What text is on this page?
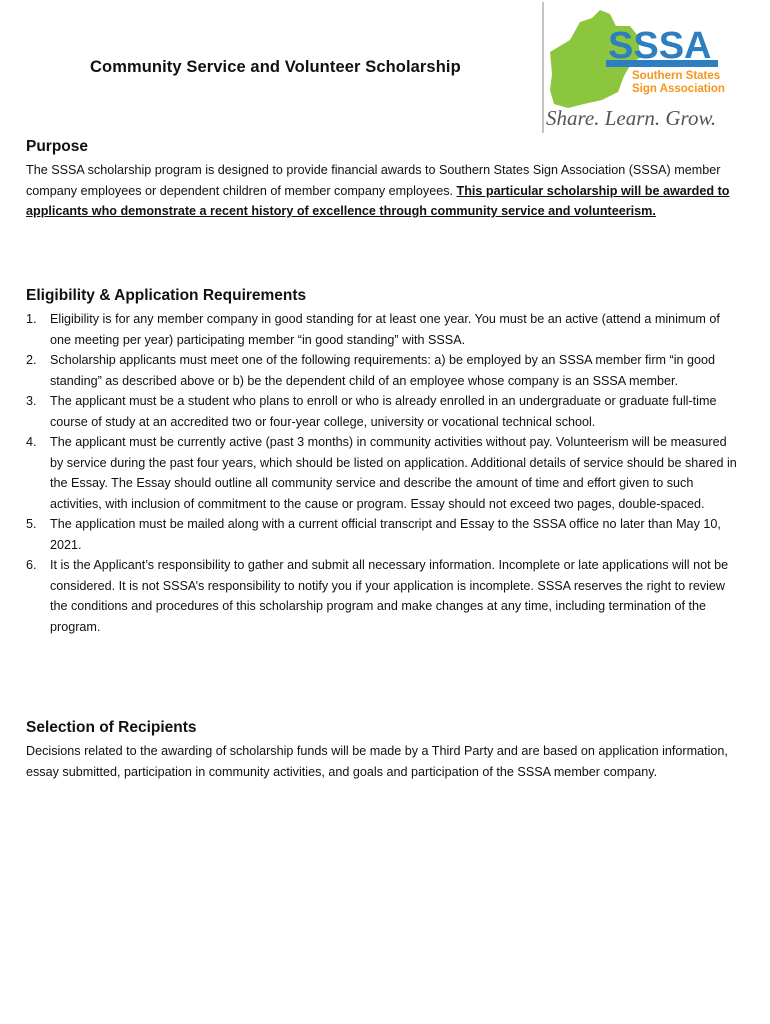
SSSA
Southern States
Sign Association
Share. Learn. Grow.
Community Service and Volunteer Scholarship
Purpose

The SSSA scholarship program is designed to provide financial awards to Southern States Sign Association (SSSA) member company employees or dependent children of member company employees. This particular scholarship will be awarded to applicants who demonstrate a recent history of excellence through community service and volunteerism.

Eligibility & Application Requirements
1. Eligibility is for any member company in good standing for at least one year. You must be an active (attend a minimum of one meeting per year) participating member “in good standing” with SSSA.
2. Scholarship applicants must meet one of the following requirements: a) be employed by an SSSA member firm “in good standing” as described above or b) be the dependent child of an employee whose company is an SSSA member.
3. The applicant must be a student who plans to enroll or who is already enrolled in an undergraduate or graduate full-time course of study at an accredited two or four-year college, university or vocational technical school.
4. The applicant must be currently active (past 3 months) in community activities without pay. Volunteerism will be measured by service during the past four years, which should be listed on application. Additional details of service should be shared in the Essay. The Essay should outline all community service and describe the amount of time and effort given to such activities, with inclusion of commitment to the cause or program. Essay should not exceed two pages, double-spaced.
5. The application must be mailed along with a current official transcript and Essay to the SSSA office no later than May 10, 2021.
6. It is the Applicant’s responsibility to gather and submit all necessary information. Incomplete or late applications will not be considered. It is not SSSA’s responsibility to notify you if your application is incomplete. SSSA reserves the right to review the conditions and procedures of this scholarship program and make changes at any time, including termination of the program.
Selection of Recipients

Decisions related to the awarding of scholarship funds will be made by a Third Party and are based on application information, essay submitted, participation in community activities, and goals and participation of the SSSA member company.
